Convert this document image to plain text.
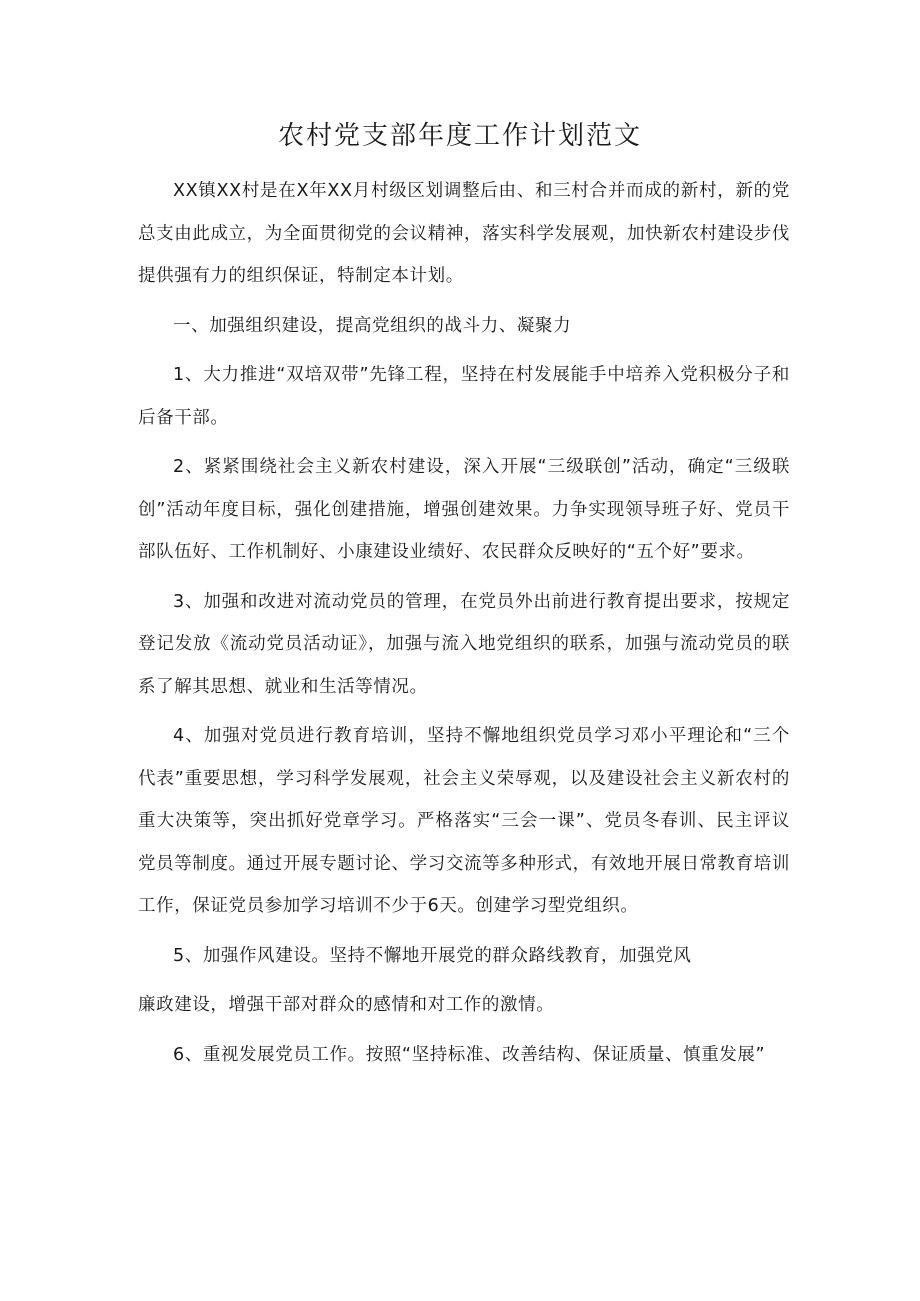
农村党支部年度工作计划范文

XX镇XX村是在X年XX月村级区划调整后由、和三村合并而成的新村，新的党总支由此成立，为全面贯彻党的会议精神，落实科学发展观，加快新农村建设步伐提供强有力的组织保证，特制定本计划。

一、加强组织建设，提高党组织的战斗力、凝聚力

1、大力推进“双培双带”先锋工程，坚持在村发展能手中培养入党积极分子和后备干部。

2、紧紧围绕社会主义新农村建设，深入开展“三级联创”活动，确定“三级联创”活动年度目标，强化创建措施，增强创建效果。力争实现领导班子好、党员干部队伍好、工作机制好、小康建设业绩好、农民群众反映好的“五个好”要求。

3、加强和改进对流动党员的管理，在党员外出前进行教育提出要求，按规定登记发放《流动党员活动证》，加强与流入地党组织的联系，加强与流动党员的联系了解其思想、就业和生活等情况。

4、加强对党员进行教育培训，坚持不懈地组织党员学习邓小平理论和“三个代表”重要思想，学习科学发展观，社会主义荣辱观，以及建设社会主义新农村的重大决策等，突出抓好党章学习。严格落实“三会一课”、党员冬春训、民主评议党员等制度。通过开展专题讨论、学习交流等多种形式，有效地开展日常教育培训工作，保证党员参加学习培训不少于6天。创建学习型党组织。

5、加强作风建设。坚持不懈地开展党的群众路线教育，加强党风

廉政建设，增强干部对群众的感情和对工作的激情。

6、重视发展党员工作。按照“坚持标准、改善结构、保证质量、慎重发展”
